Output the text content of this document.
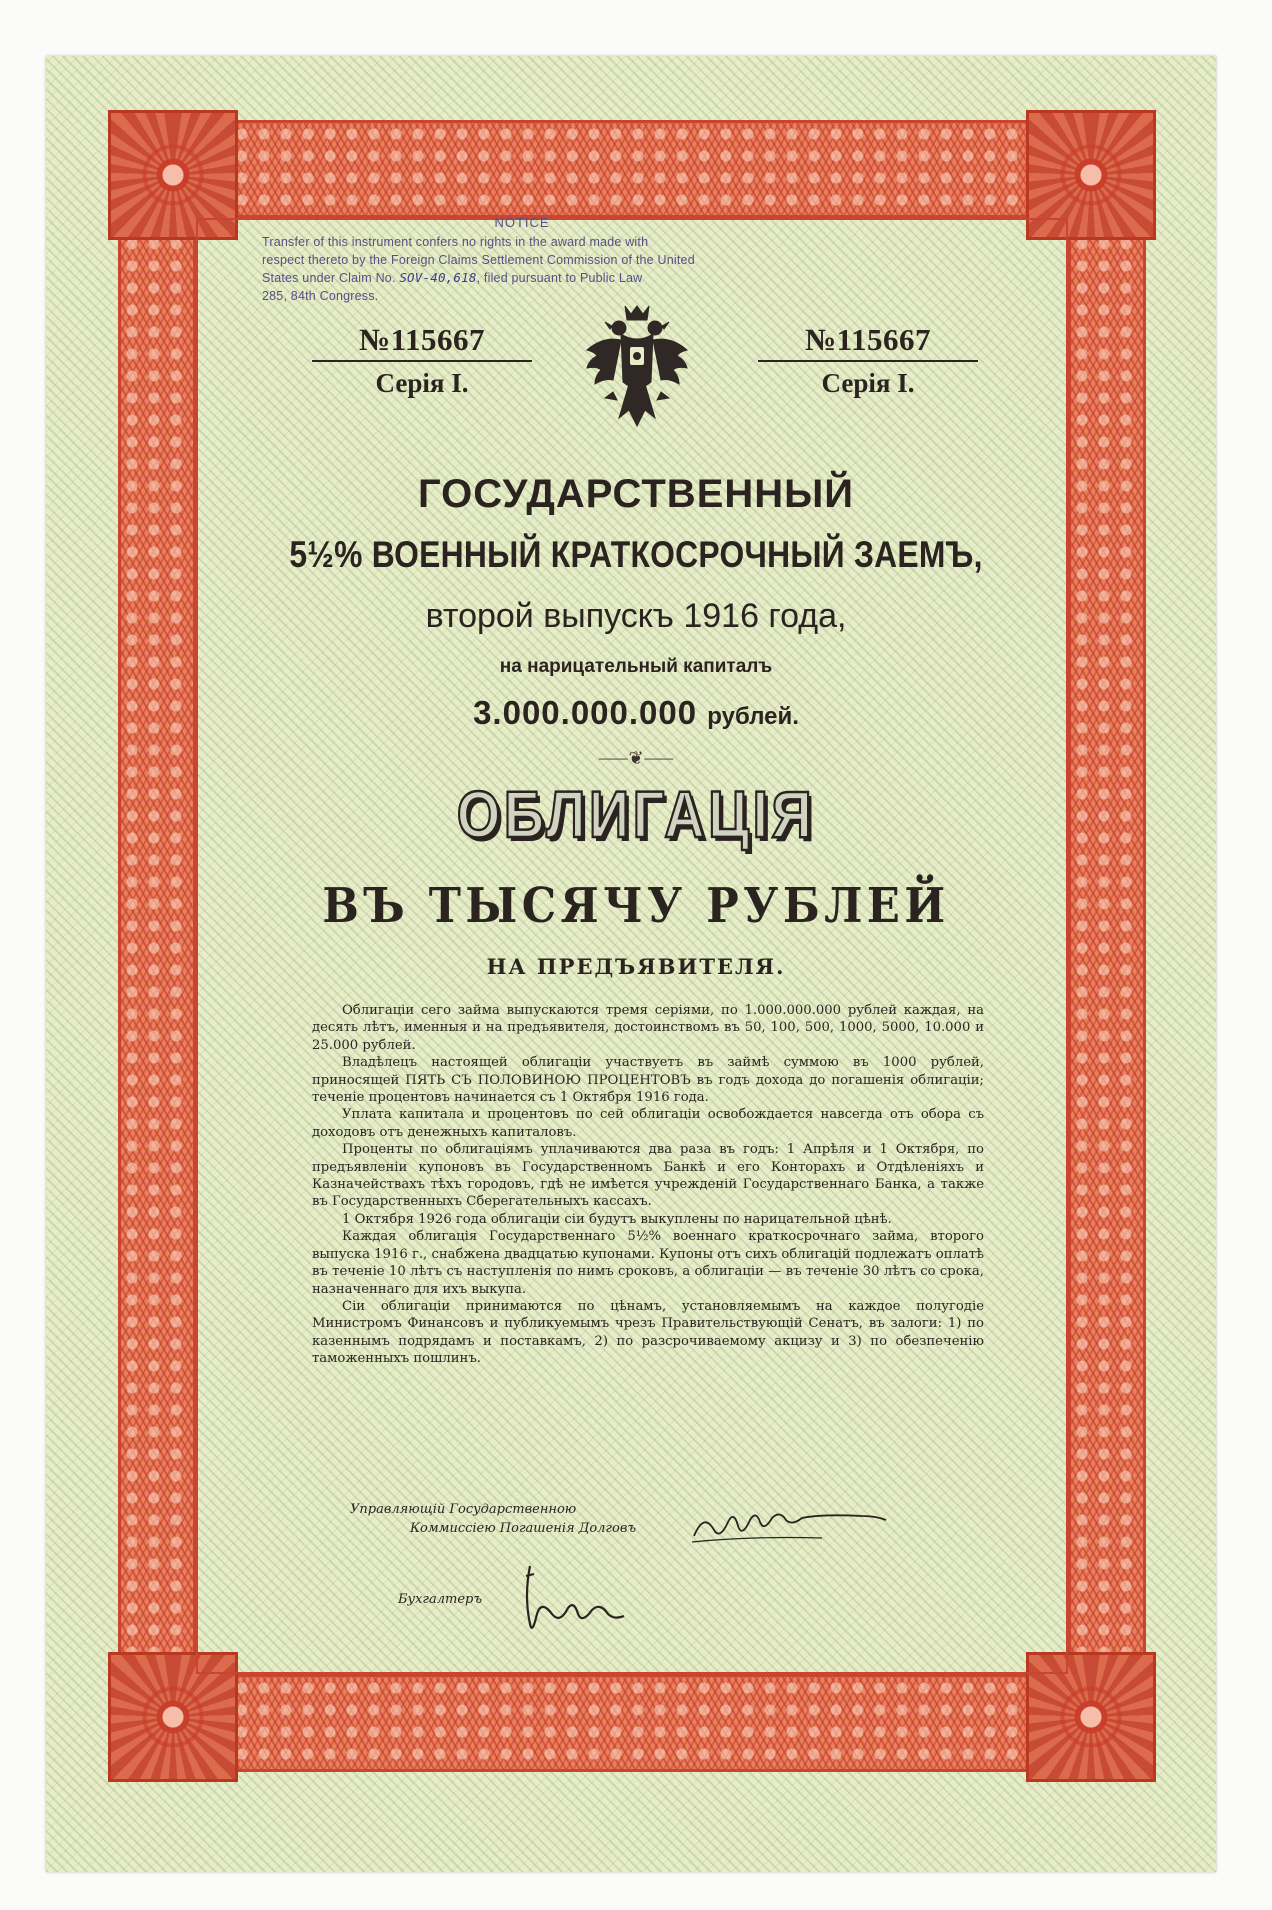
NOTICE
Transfer of this instrument confers no rights in the award made with
respect thereto by the Foreign Claims Settlement Commission of the United
States under Claim No. SOV-40,618, filed pursuant to Public Law
285, 84th Congress.
№115667
Серія I.
№115667
Серія I.
ГОСУДАРСТВЕННЫЙ
5½% ВОЕННЫЙ КРАТКОСРОЧНЫЙ ЗАЕМЪ,
второй выпускъ 1916 года,
на нарицательный капиталъ
3.000.000.000 рублей.
⸺❦⸺
ОБЛИГАЦІЯ
ВЪ ТЫСЯЧУ РУБЛЕЙ
НА ПРЕДЪЯВИТЕЛЯ.

Облигаціи сего займа выпускаются тремя серіями, по 1.000.000.000 рублей каждая, на десять лѣтъ, именныя и на предъявителя, достоинствомъ въ 50, 100, 500, 1000, 5000, 10.000 и 25.000 рублей.

Владѣлецъ настоящей облигаціи участвуетъ въ займѣ суммою въ 1000 рублей, приносящей ПЯТЬ СЪ ПОЛОВИНОЮ ПРОЦЕНТОВЪ въ годъ дохода до погашенія облигаціи; теченіе процентовъ начинается съ 1 Октября 1916 года.

Уплата капитала и процентовъ по сей облигаціи освобождается навсегда отъ обора съ доходовъ отъ денежныхъ капиталовъ.

Проценты по облигаціямъ уплачиваются два раза въ годъ: 1 Апрѣля и 1 Октября, по предъявленіи купоновъ въ Государственномъ Банкѣ и его Конторахъ и Отдѣленіяхъ и Казначействахъ тѣхъ городовъ, гдѣ не имѣется учрежденій Государственнаго Банка, а также въ Государственныхъ Сберегательныхъ кассахъ.

1 Октября 1926 года облигаціи сіи будутъ выкуплены по нарицательной цѣнѣ.

Каждая облигація Государственнаго 5½% военнаго краткосрочнаго займа, второго выпуска 1916 г., снабжена двадцатью купонами. Купоны отъ сихъ облигацій подлежатъ оплатѣ въ теченіе 10 лѣтъ съ наступленія по нимъ сроковъ, а облигаціи — въ теченіе 30 лѣтъ со срока, назначеннаго для ихъ выкупа.

Сіи облигаціи принимаются по цѣнамъ, установляемымъ на каждое полугодіе Министромъ Финансовъ и публикуемымъ чрезъ Правительствующій Сенатъ, въ залоги: 1) по казеннымъ подрядамъ и поставкамъ, 2) по разсрочиваемому акцизу и 3) по обезпеченію таможенныхъ пошлинъ.

Управляющій Государственною

Коммиссіею Погашенія Долговъ
Бухгалтеръ
